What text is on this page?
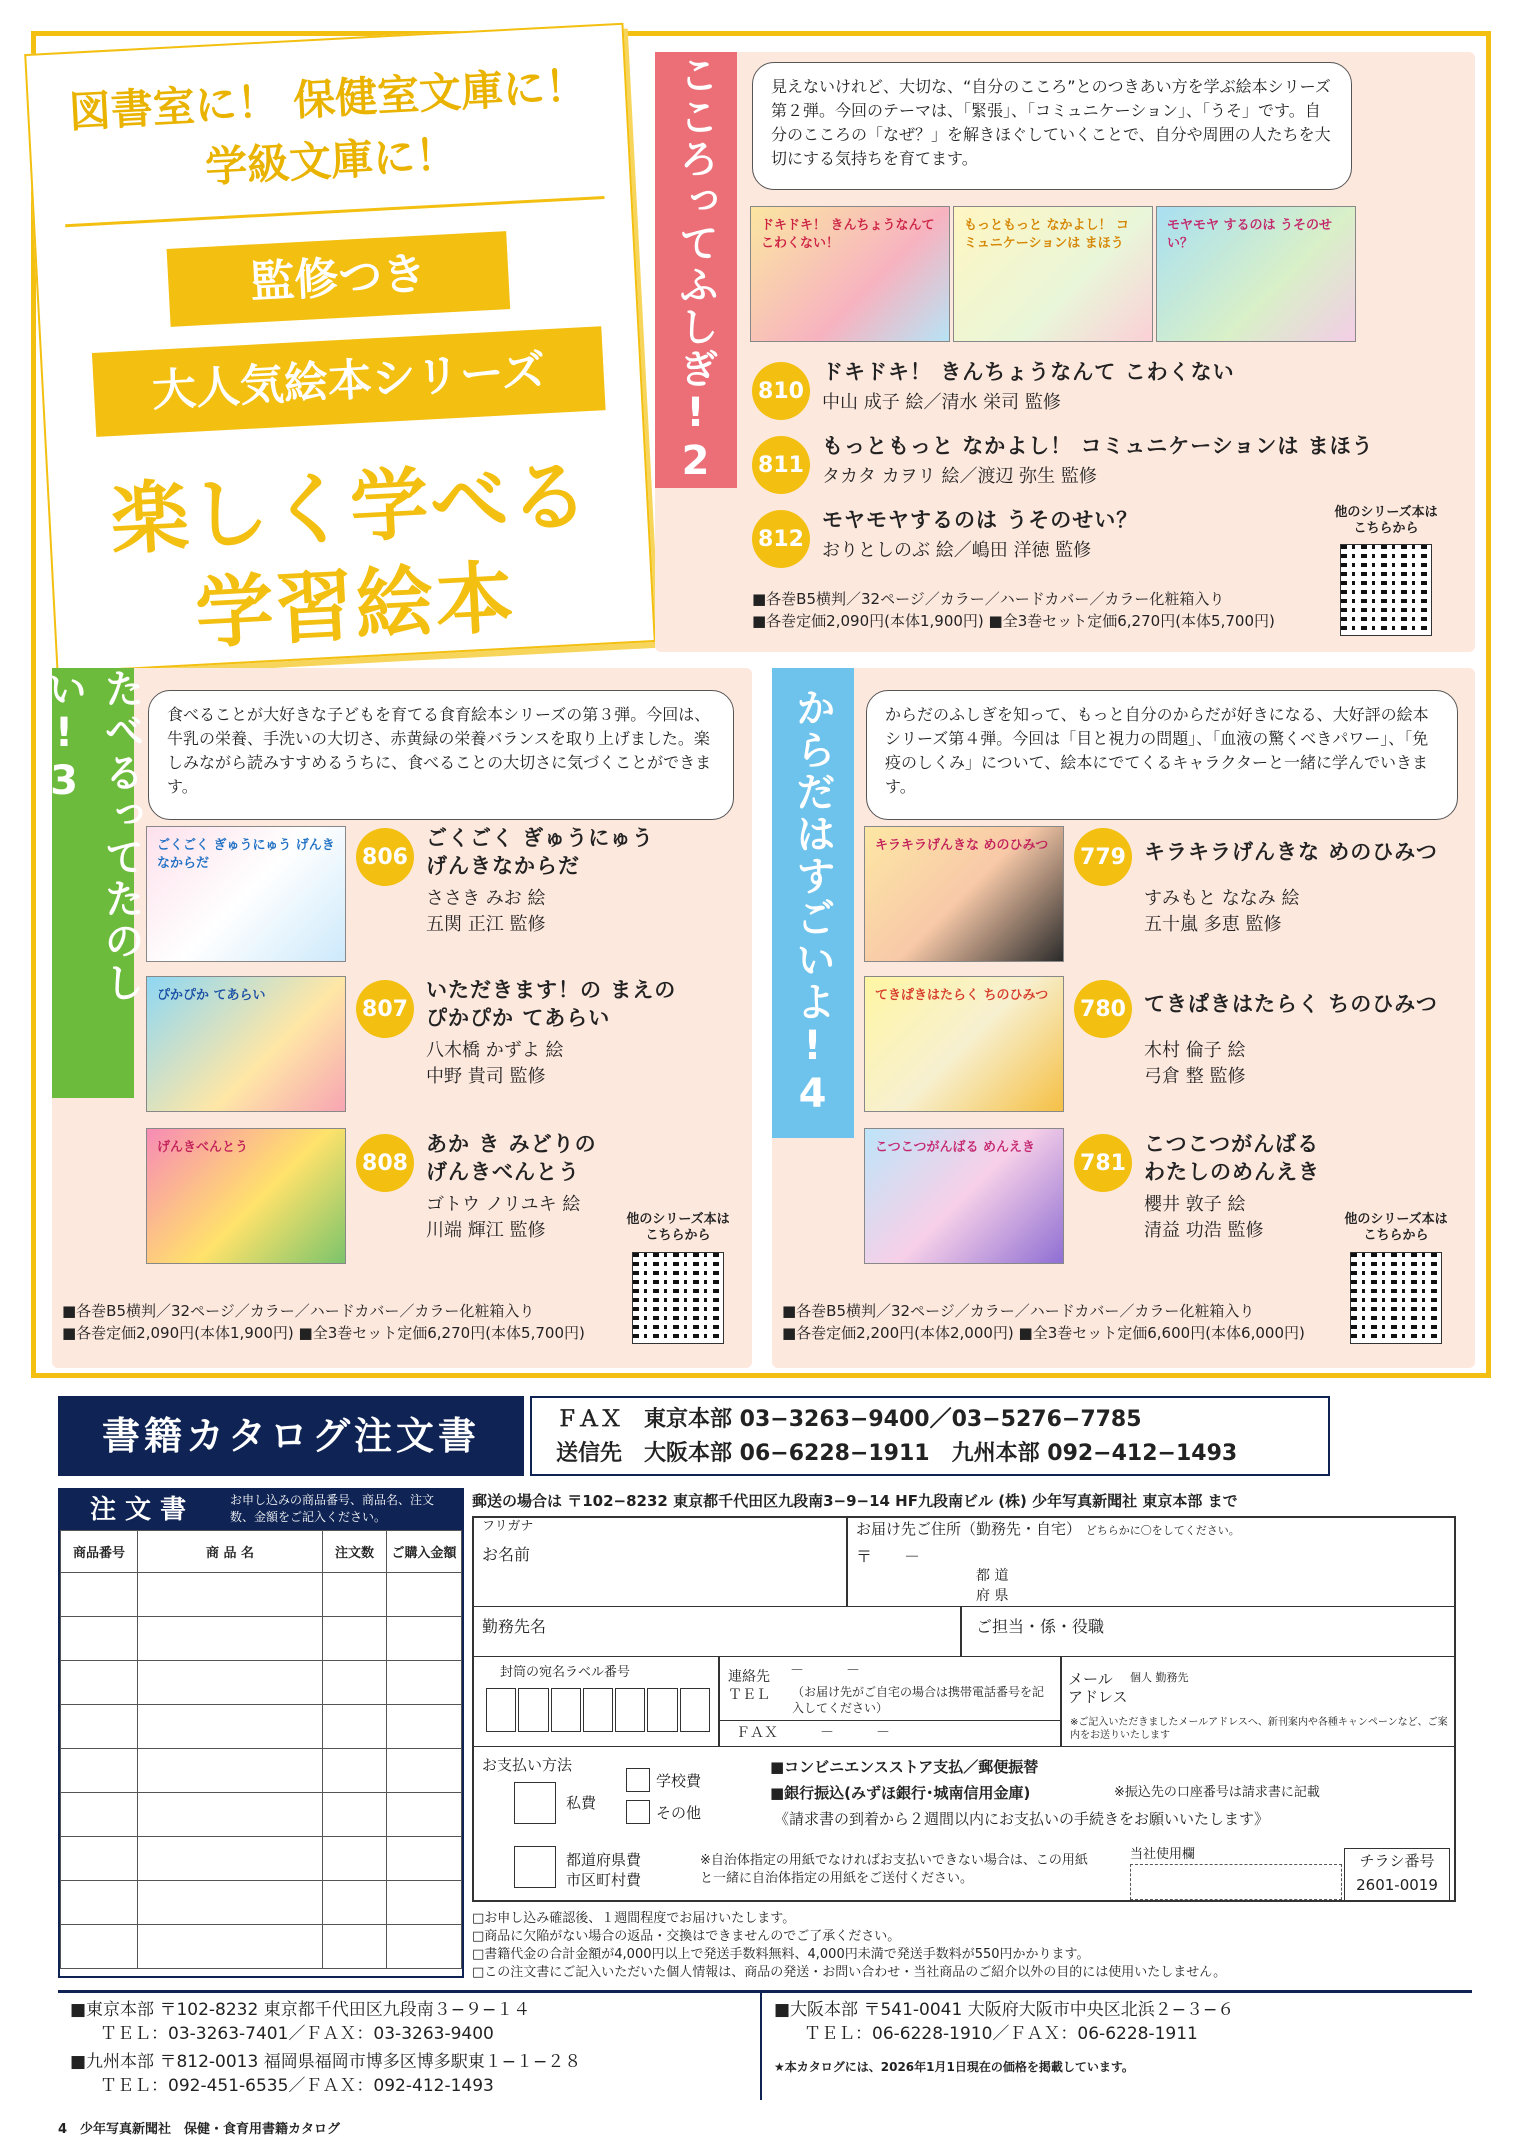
図書室に！ 保健室文庫に！
学級文庫に！
監修つき
大人気絵本シリーズ
楽しく学べる
学習絵本
こころってふしぎ!2	見えないけれど、大切な、“自分のこころ”とのつきあい方を学ぶ絵本シリーズ第２弾。今回のテーマは、「緊張」、「コミュニケーション」、「うそ」です。自分のこころの「なぜ？」を解きほぐしていくことで、自分や周囲の人たちを大切にする気持ちを育てます。
ドキドキ！ きんちょうなんて こわくない！
もっともっと なかよし！ コミュニケーションは まほう
モヤモヤ するのは うそのせい？
810
ドキドキ！ きんちょうなんて こわくない
中山 成子 絵／清水 栄司 監修
811
もっともっと なかよし！ コミュニケーションは まほう
タカタ カヲリ 絵／渡辺 弥生 監修
812
モヤモヤするのは うそのせい？
おりとしのぶ 絵／嶋田 洋徳 監修
■各巻B5横判／32ページ／カラー／ハードカバー／カラー化粧箱入り
■各巻定価2,090円(本体1,900円) ■全3巻セット定価6,270円(本体5,700円)
他のシリーズ本は こちらから
たべるってたのしい!3	食べることが大好きな子どもを育てる食育絵本シリーズの第３弾。今回は、牛乳の栄養、手洗いの大切さ、赤黄緑の栄養バランスを取り上げました。楽しみながら読みすすめるうちに、食べることの大切さに気づくことができます。
ごくごく ぎゅうにゅう げんきなからだ
ぴかぴか てあらい
げんきべんとう
806
ごくごく ぎゅうにゅう
げんきなからだ
ささき みお 絵
五関 正江 監修
807
いただきます！の まえの
ぴかぴか てあらい
八木橋 かずよ 絵
中野 貴司 監修
808
あか き みどりの
げんきべんとう
ゴトウ ノリユキ 絵
川端 輝江 監修
■各巻B5横判／32ページ／カラー／ハードカバー／カラー化粧箱入り
■各巻定価2,090円(本体1,900円) ■全3巻セット定価6,270円(本体5,700円)
他のシリーズ本は こちらから
からだはすごいよ!4	からだのふしぎを知って、もっと自分のからだが好きになる、大好評の絵本シリーズ第４弾。今回は「目と視力の問題」、「血液の驚くべきパワー」、「免疫のしくみ」について、絵本にでてくるキャラクターと一緒に学んでいきます。
キラキラげんきな めのひみつ
てきぱきはたらく ちのひみつ
こつこつがんばる めんえき
779 キラキラげんきな めのひみつ
すみもと ななみ 絵
五十嵐 多恵 監修
780 てきぱきはたらく ちのひみつ
木村 倫子 絵
弓倉 整 監修
781
こつこつがんばる
わたしのめんえき
櫻井 敦子 絵
清益 功浩 監修
■各巻B5横判／32ページ／カラー／ハードカバー／カラー化粧箱入り
■各巻定価2,200円(本体2,000円) ■全3巻セット定価6,600円(本体6,000円)
他のシリーズ本は こちらから
書籍カタログ注文書	ＦＡＸ　東京本部 03−3263−9400／03−5276−7785
送信先　大阪本部 06−6228−1911　九州本部 092−412−1493
注 文 書	お申し込みの商品番号、商品名、注文数、金額をご記入ください。
商品番号	商 品 名	注文数	ご購入金額

郵送の場合は 〒102−8232 東京都千代田区九段南3−9−14 HF九段南ビル (株) 少年写真新聞社 東京本部 まで
フリガナ
お名前
お届け先ご住所（勤務先・自宅） どちらかに〇をしてください。
〒　　－
都 道
府 県
勤務先名	ご担当・係・役職
封筒の宛名ラベル番号	連絡先 ＴＥＬ
－　　　－
（お届け先がご自宅の場合は携帯電話番号を記入してください）
ＦＡＸ	－　　　－
メール アドレス
個人 勤務先
※ご記入いただきましたメールアドレスへ、新刊案内や各種キャンペーンなど、ご案内をお送りいたします
お支払い方法
私費
学校費
その他
■コンビニエンスストア支払／郵便振替
■銀行振込(みずほ銀行･城南信用金庫)	※振込先の口座番号は請求書に記載
《請求書の到着から２週間以内にお支払いの手続きをお願いいたします》
都道府県費
市区町村費
※自治体指定の用紙でなければお支払いできない場合は、この用紙と一緒に自治体指定の用紙をご送付ください。
当社使用欄	チラシ番号
2601-0019
□お申し込み確認後、１週間程度でお届けいたします。
□商品に欠陥がない場合の返品・交換はできませんのでご了承ください。
□書籍代金の合計金額が4,000円以上で発送手数料無料、4,000円未満で発送手数料が550円かかります。
□この注文書にご記入いただいた個人情報は、商品の発送・お問い合わせ・当社商品のご紹介以外の目的には使用いたしません。
■東京本部 〒102-8232 東京都千代田区九段南３−９−１４
ＴＥＬ：03-3263-7401／ＦＡＸ：03-3263-9400
■九州本部 〒812-0013 福岡県福岡市博多区博多駅東１−１−２８
ＴＥＬ：092-451-6535／ＦＡＸ：092-412-1493
■大阪本部 〒541-0041 大阪府大阪市中央区北浜２−３−６
ＴＥＬ：06-6228-1910／ＦＡＸ：06-6228-1911
★本カタログには、2026年1月1日現在の価格を掲載しています。
4　少年写真新聞社　保健・食育用書籍カタログ
